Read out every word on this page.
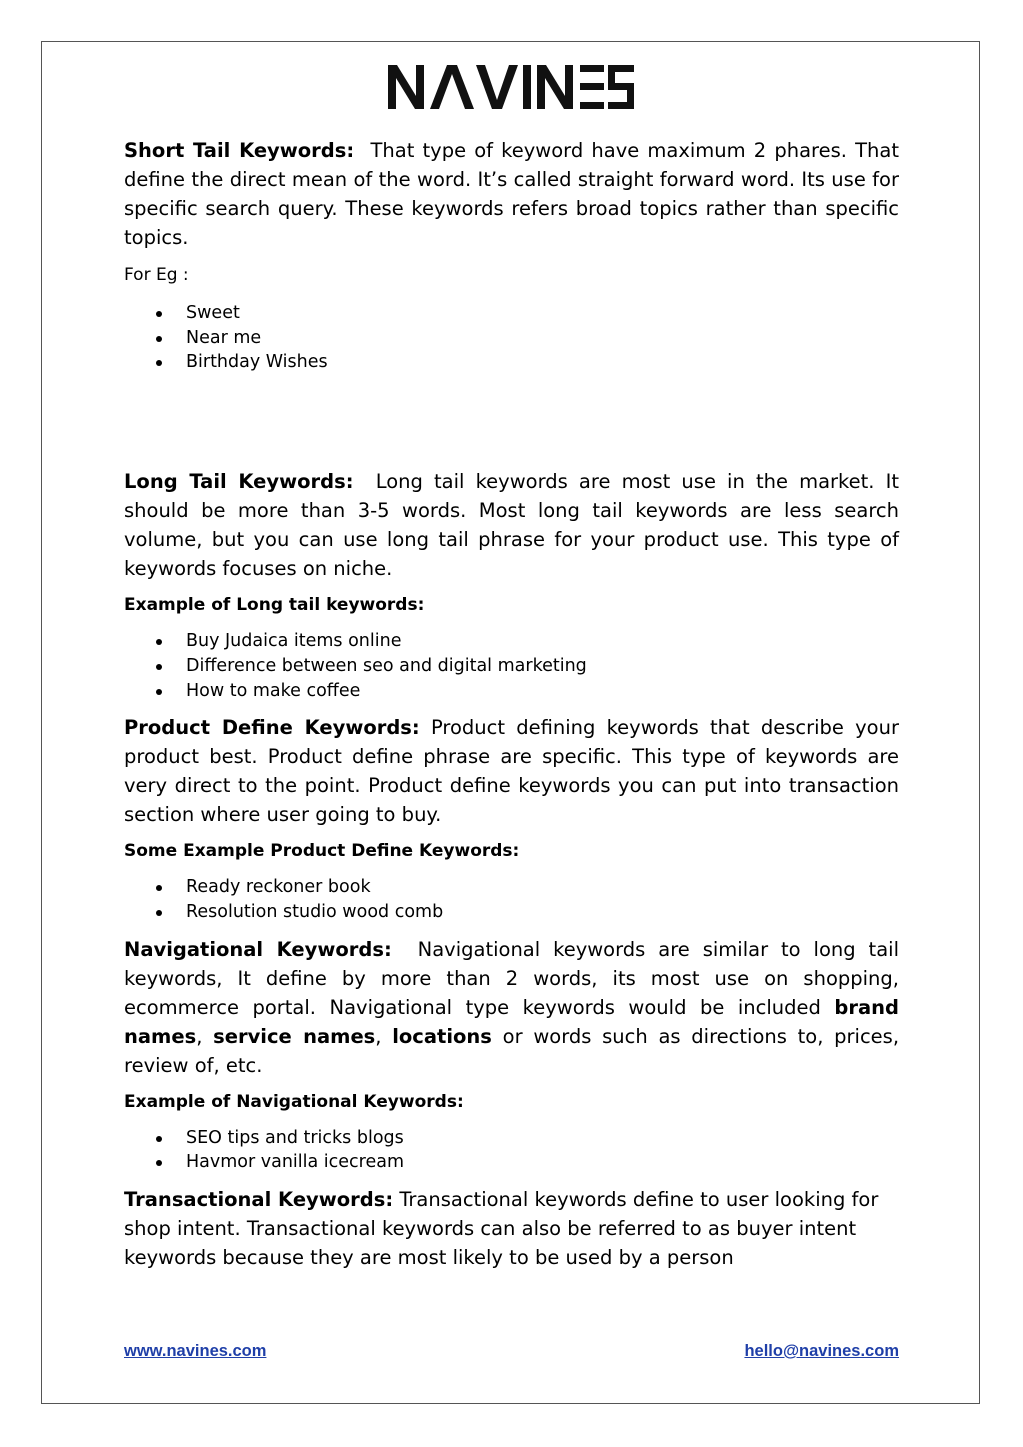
Short Tail Keywords: That type of keyword have maximum 2 phares. That define the direct mean of the word. It’s called straight forward word. Its use for specific search query. These keywords refers broad topics rather than specific topics.

For Eg :

Sweet
Near me
Birthday Wishes

Long Tail Keywords: Long tail keywords are most use in the market. It should be more than 3-5 words. Most long tail keywords are less search volume, but you can use long tail phrase for your product use. This type of keywords focuses on niche.

Example of Long tail keywords:

Buy Judaica items online
Difference between seo and digital marketing
How to make coffee

Product Define Keywords: Product defining keywords that describe your product best. Product define phrase are specific. This type of keywords are very direct to the point. Product define keywords you can put into transaction section where user going to buy.

Some Example Product Define Keywords:

Ready reckoner book
Resolution studio wood comb

Navigational Keywords: Navigational keywords are similar to long tail keywords, It define by more than 2 words, its most use on shopping, ecommerce portal. Navigational type keywords would be included brand names, service names, locations or words such as directions to, prices, review of, etc.

Example of Navigational Keywords:

SEO tips and tricks blogs
Havmor vanilla icecream

Transactional Keywords: Transactional keywords define to user looking for shop intent. Transactional keywords can also be referred to as buyer intent keywords because they are most likely to be used by a person

www.navines.com	hello@navines.com
